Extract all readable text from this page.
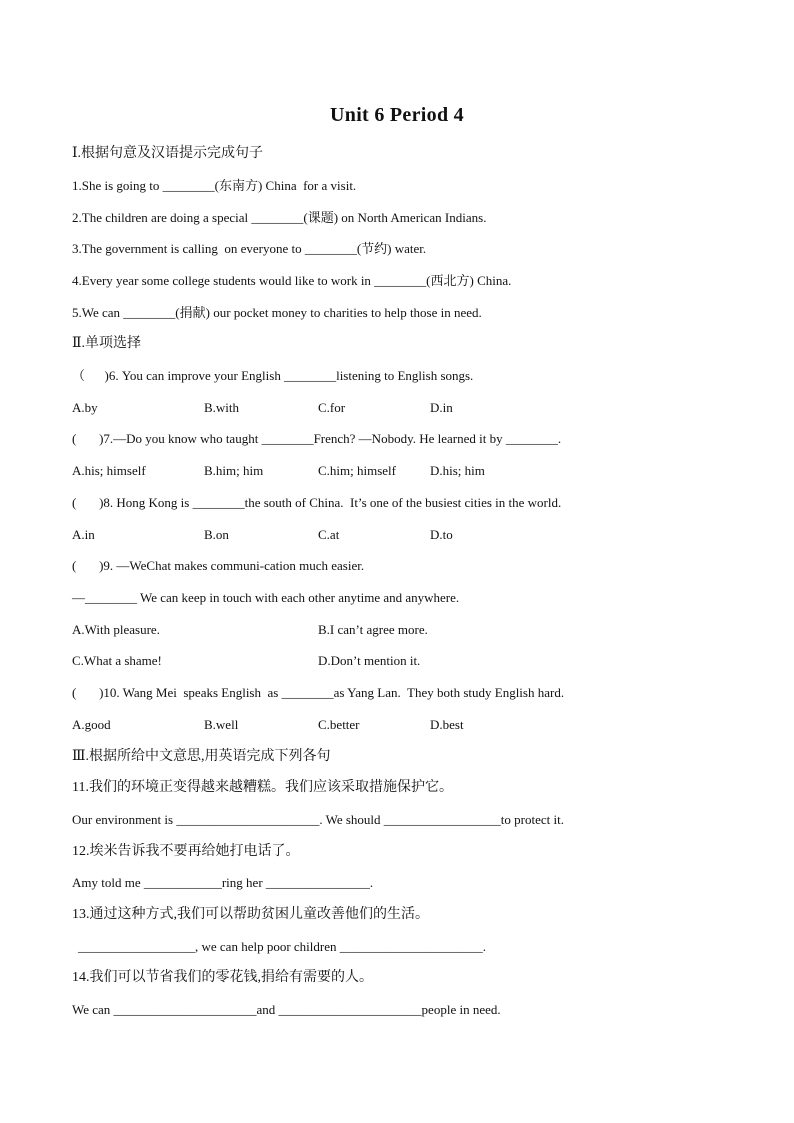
Unit 6 Period 4
Ⅰ.根据句意及汉语提示完成句子
1.She is going to ________(东南方) China  for a visit.
2.The children are doing a special ________(课题) on North American Indians.
3.The government is calling  on everyone to ________(节约) water.
4.Every year some college students would like to work in ________(西北方) China.
5.We can ________(捐献) our pocket money to charities to help those in need.
Ⅱ.单项选择
（      )6. You can improve your English ________listening to English songs.
A.by	B.with	C.for	D.in
(       )7.—Do you know who taught ________French? —Nobody. He learned it by ________.
A.his; himself	B.him; him	C.him; himself	D.his; him
(       )8. Hong Kong is ________the south of China.  It’s one of the busiest cities in the world.
A.in	B.on	C.at	D.to
(       )9. —WeChat makes communi-cation much easier.
—________ We can keep in touch with each other anytime and anywhere.
A.With pleasure.	B.I can’t agree more.
C.What a shame!	D.Don’t mention it.
(       )10. Wang Mei  speaks English  as ________as Yang Lan.  They both study English hard.
A.good	B.well	C.better	D.best
Ⅲ.根据所给中文意思,用英语完成下列各句
11.我们的环境正变得越来越糟糕。我们应该采取措施保护它。
Our environment is ______________________. We should __________________to protect it.
12.埃米告诉我不要再给她打电话了。
Amy told me ____________ring her ________________.
13.通过这种方式,我们可以帮助贫困儿童改善他们的生活。
__________________, we can help poor children ______________________.
14.我们可以节省我们的零花钱,捐给有需要的人。
We can ______________________and ______________________people in need.
